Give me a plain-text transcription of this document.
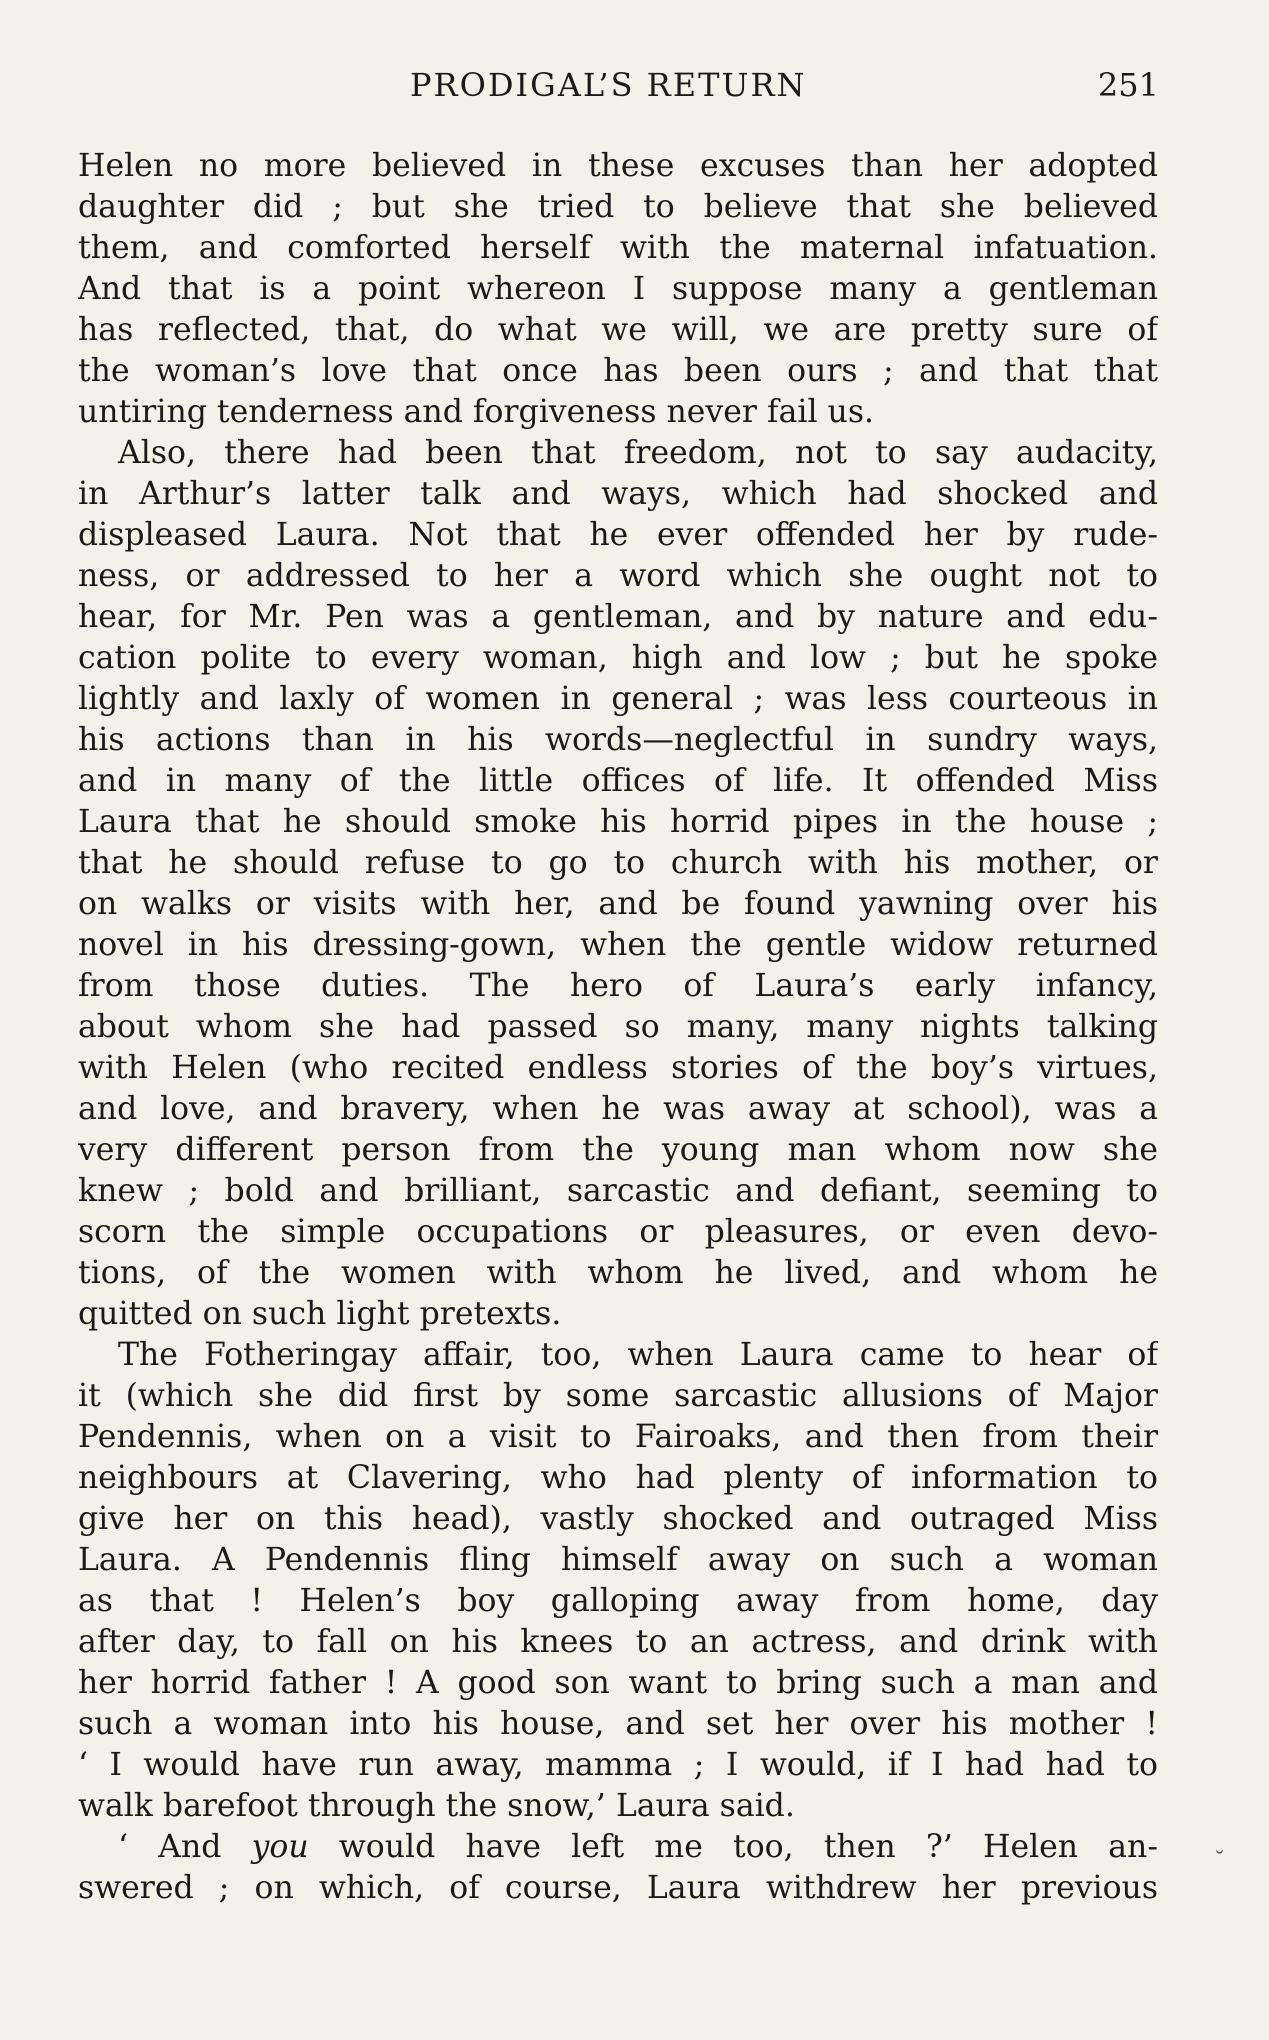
PRODIGAL’S RETURN	251
Helen no more believed in these excuses than her adopted
daughter did ; but she tried to believe that she believed
them, and comforted herself with the maternal infatuation.
And that is a point whereon I suppose many a gentleman
has reflected, that, do what we will, we are pretty sure of
the woman’s love that once has been ours ; and that that
untiring tenderness and forgiveness never fail us.
Also, there had been that freedom, not to say audacity,
in Arthur’s latter talk and ways, which had shocked and
displeased Laura. Not that he ever offended her by rude-
ness, or addressed to her a word which she ought not to
hear, for Mr. Pen was a gentleman, and by nature and edu-
cation polite to every woman, high and low ; but he spoke
lightly and laxly of women in general ; was less courteous in
his actions than in his words—neglectful in sundry ways,
and in many of the little offices of life. It offended Miss
Laura that he should smoke his horrid pipes in the house ;
that he should refuse to go to church with his mother, or
on walks or visits with her, and be found yawning over his
novel in his dressing-gown, when the gentle widow returned
from those duties. The hero of Laura’s early infancy,
about whom she had passed so many, many nights talking
with Helen (who recited endless stories of the boy’s virtues,
and love, and bravery, when he was away at school), was a
very different person from the young man whom now she
knew ; bold and brilliant, sarcastic and defiant, seeming to
scorn the simple occupations or pleasures, or even devo-
tions, of the women with whom he lived, and whom he
quitted on such light pretexts.
The Fotheringay affair, too, when Laura came to hear of
it (which she did first by some sarcastic allusions of Major
Pendennis, when on a visit to Fairoaks, and then from their
neighbours at Clavering, who had plenty of information to
give her on this head), vastly shocked and outraged Miss
Laura. A Pendennis fling himself away on such a woman
as that ! Helen’s boy galloping away from home, day
after day, to fall on his knees to an actress, and drink with
her horrid father ! A good son want to bring such a man and
such a woman into his house, and set her over his mother !
‘ I would have run away, mamma ; I would, if I had had to
walk barefoot through the snow,’ Laura said.
‘ And you would have left me too, then ?’ Helen an-
swered ; on which, of course, Laura withdrew her previous
˘
